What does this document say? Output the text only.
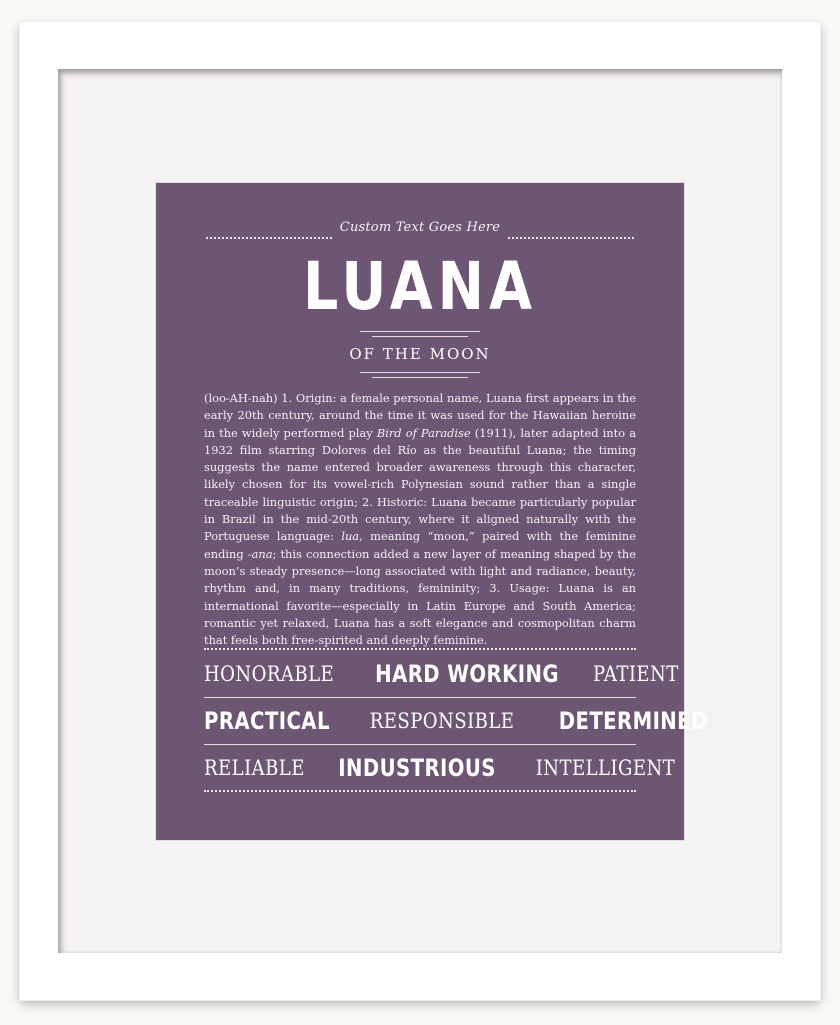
Custom Text Goes Here
LUANA
OF THE MOON
(loo-AH-nah) 1. Origin: a female personal name, Luana first appears in the early 20th century, around the time it was used for the Hawaiian heroine in the widely performed play Bird of Paradise (1911), later adapted into a 1932 film starring Dolores del Río as the beautiful Luana; the timing suggests the name entered broader awareness through this character, likely chosen for its vowel-rich Polynesian sound rather than a single traceable linguistic origin; 2. Historic: Luana became particularly popular in Brazil in the mid-20th century, where it aligned naturally with the Portuguese language: lua, meaning “moon,” paired with the feminine ending -ana; this connection added a new layer of meaning shaped by the moon’s steady presence—long associated with light and radiance, beauty, rhythm and, in many traditions, femininity; 3. Usage: Luana is an international favorite—especially in Latin Europe and South America; romantic yet relaxed, Luana has a soft elegance and cosmopolitan charm that feels both free-spirited and deeply feminine.
HONORABLE HARD WORKING PATIENT
PRACTICAL RESPONSIBLE DETERMINED
RELIABLE INDUSTRIOUS INTELLIGENT
